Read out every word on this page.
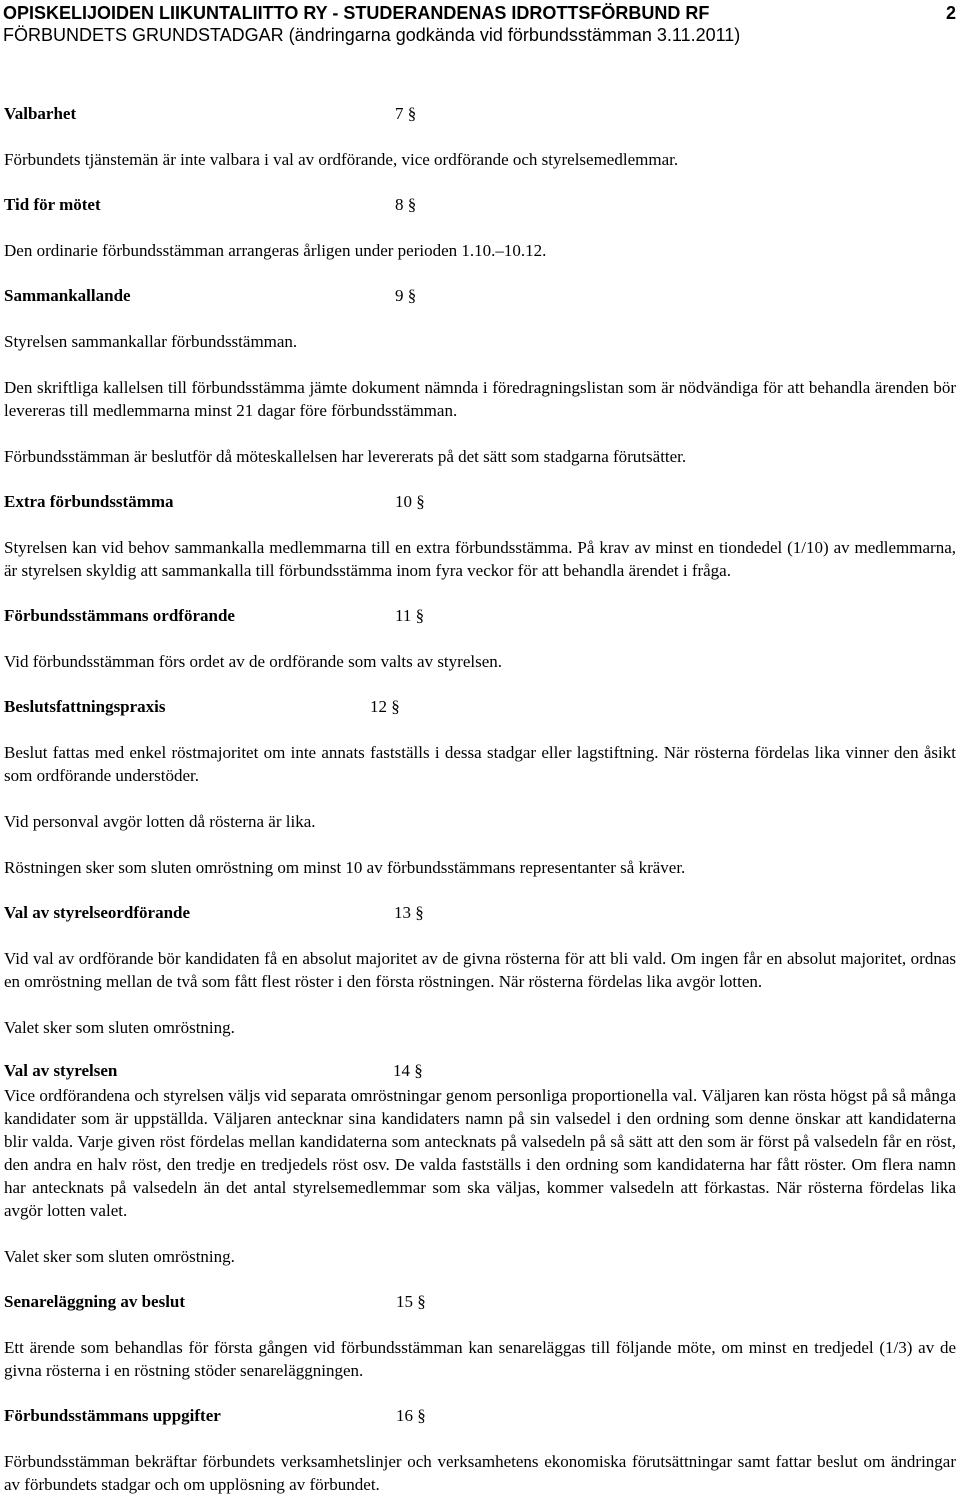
OPISKELIJOIDEN LIIKUNTALIITTO RY - STUDERANDENAS IDROTTSFÖRBUND RF	2
FÖRBUNDETS GRUNDSTADGAR (ändringarna godkända vid förbundsstämman 3.11.2011)
Valbarhet	7 §

Förbundets tjänstemän är inte valbara i val av ordförande, vice ordförande och styrelsemedlemmar.

Tid för mötet	8 §

Den ordinarie förbundsstämman arrangeras årligen under perioden 1.10.–10.12.

Sammankallande	9 §

Styrelsen sammankallar förbundsstämman.

Den skriftliga kallelsen till förbundsstämma jämte dokument nämnda i föredragningslistan som är nödvändiga för att behandla ärenden bör levereras till medlemmarna minst 21 dagar före förbundsstämman.

Förbundsstämman är beslutför då möteskallelsen har levererats på det sätt som stadgarna förutsätter.

Extra förbundsstämma	10 §

Styrelsen kan vid behov sammankalla medlemmarna till en extra förbundsstämma. På krav av minst en tiondedel (1/10) av medlemmarna, är styrelsen skyldig att sammankalla till förbundsstämma inom fyra veckor för att behandla ärendet i fråga.

Förbundsstämmans ordförande	11 §

Vid förbundsstämman förs ordet av de ordförande som valts av styrelsen.

Beslutsfattningspraxis	12 §

Beslut fattas med enkel röstmajoritet om inte annats fastställs i dessa stadgar eller lagstiftning. När rösterna fördelas lika vinner den åsikt som ordförande understöder.

Vid personval avgör lotten då rösterna är lika.

Röstningen sker som sluten omröstning om minst 10 av förbundsstämmans representanter så kräver.

Val av styrelseordförande	13 §

Vid val av ordförande bör kandidaten få en absolut majoritet av de givna rösterna för att bli vald. Om ingen får en absolut majoritet, ordnas en omröstning mellan de två som fått flest röster i den första röstningen. När rösterna fördelas lika avgör lotten.

Valet sker som sluten omröstning.

Val av styrelsen	14 §

Vice ordförandena och styrelsen väljs vid separata omröstningar genom personliga proportionella val. Väljaren kan rösta högst på så många kandidater som är uppställda. Väljaren antecknar sina kandidaters namn på sin valsedel i den ordning som denne önskar att kandidaterna blir valda. Varje given röst fördelas mellan kandidaterna som antecknats på valsedeln på så sätt att den som är först på valsedeln får en röst, den andra en halv röst, den tredje en tredjedels röst osv. De valda fastställs i den ordning som kandidaterna har fått röster. Om flera namn har antecknats på valsedeln än det antal styrelsemedlemmar som ska väljas, kommer valsedeln att förkastas. När rösterna fördelas lika avgör lotten valet.

Valet sker som sluten omröstning.

Senareläggning av beslut	15 §

Ett ärende som behandlas för första gången vid förbundsstämman kan senareläggas till följande möte, om minst en tredjedel (1/3) av de givna rösterna i en röstning stöder senareläggningen.

Förbundsstämmans uppgifter	16 §

Förbundsstämman bekräftar förbundets verksamhetslinjer och verksamhetens ekonomiska förutsättningar samt fattar beslut om ändringar av förbundets stadgar och om upplösning av förbundet.
